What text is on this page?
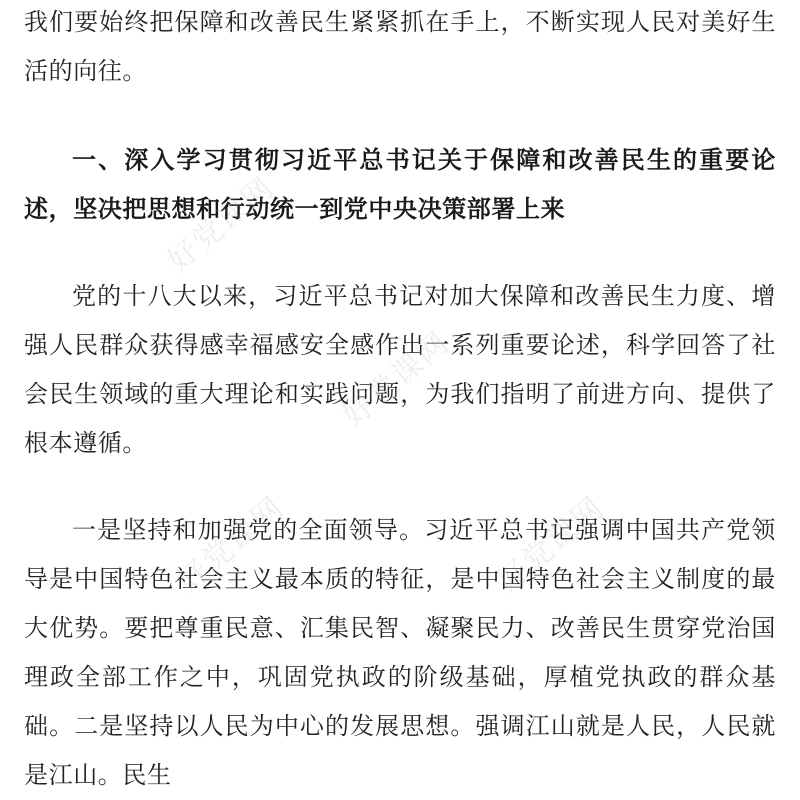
我们要始终把保障和改善民生紧紧抓在手上，不断实现人民对美好生活的向往。

一、深入学习贯彻习近平总书记关于保障和改善民生的重要论述，坚决把思想和行动统一到党中央决策部署上来

党的十八大以来，习近平总书记对加大保障和改善民生力度、增强人民群众获得感幸福感安全感作出一系列重要论述，科学回答了社会民生领域的重大理论和实践问题，为我们指明了前进方向、提供了根本遵循。

一是坚持和加强党的全面领导。习近平总书记强调中国共产党领导是中国特色社会主义最本质的特征，是中国特色社会主义制度的最大优势。要把尊重民意、汇集民智、凝聚民力、改善民生贯穿党治国理政全部工作之中，巩固党执政的阶级基础，厚植党执政的群众基础。二是坚持以人民为中心的发展思想。强调江山就是人民，人民就是江山。民生

好党课网
好党课网
好党课网	好党课网
